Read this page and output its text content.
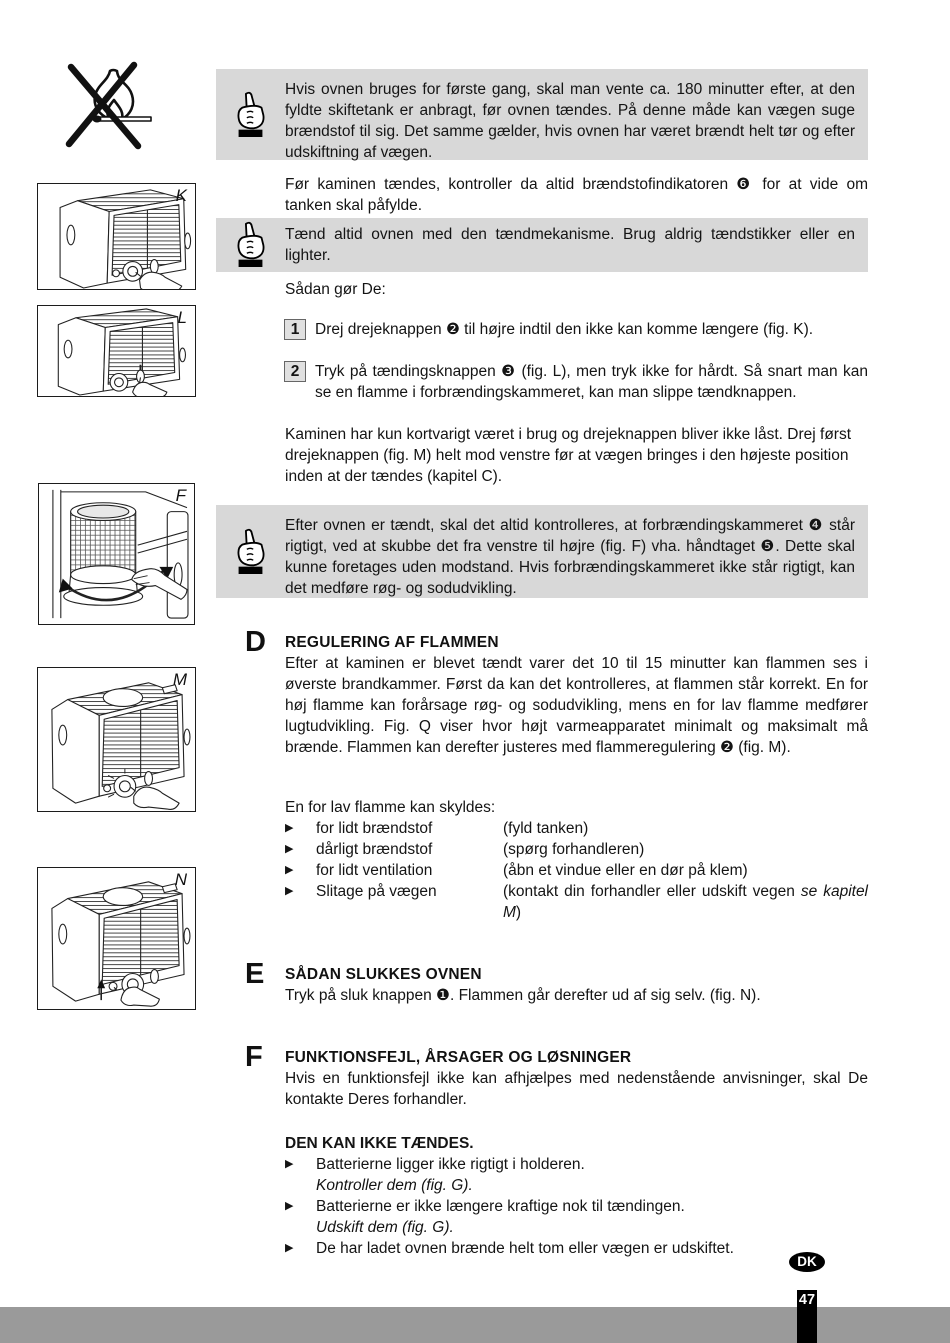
K
L
F
M
N
Hvis ovnen bruges for første gang, skal man vente ca. 180 minutter efter, at den fyldte skiftetank er anbragt, før ovnen tændes. På denne måde kan vægen suge brændstof til sig. Det samme gælder, hvis ovnen har været brændt helt tør og efter udskiftning af vægen.
Før kaminen tændes, kontroller da altid brændstofindikatoren ❻ for at vide om tanken skal påfylde.
Tænd altid ovnen med den tændmekanisme. Brug aldrig tændstikker eller en lighter.
Sådan gør De:
1	Drej drejeknappen ❷ til højre indtil den ikke kan komme længere (fig. K).
2	Tryk på tændingsknappen ❸ (fig. L), men tryk ikke for hårdt. Så snart man kan se en flamme i forbrændingskammeret, kan man slippe tændknappen.
Kaminen har kun kortvarigt været i brug og drejeknappen bliver ikke låst. Drej først drejeknappen (fig. M) helt mod venstre før at vægen bringes i den højeste position inden at der tændes (kapitel C).
Efter ovnen er tændt, skal det altid kontrolleres, at forbrændingskammeret ❹ står rigtigt, ved at skubbe det fra venstre til højre (fig. F) vha. håndtaget ❺. Dette skal kunne foretages uden modstand. Hvis forbrændingskammeret ikke står rigtigt, kan det medføre røg- og sodudvikling.
D REGULERING AF FLAMMEN
Efter at kaminen er blevet tændt varer det 10 til 15 minutter kan flammen ses i øverste brandkammer. Først da kan det kontrolleres, at flammen står korrekt. En for høj flamme kan forårsage røg- og sodudvikling, mens en for lav flamme medfører lugtudvikling. Fig. Q viser hvor højt varmeapparatet minimalt og maksimalt må brænde. Flammen kan derefter justeres med flammeregulering ❷ (fig. M).
En for lav flamme kan skyldes:
▶	for lidt brændstof	(fyld tanken)
▶	dårligt brændstof	(spørg forhandleren)
▶	for lidt ventilation	(åbn et vindue eller en dør på klem)
▶	Slitage på vægen	(kontakt din forhandler eller udskift vegen se kapitel M)
E SÅDAN SLUKKES OVNEN
Tryk på sluk knappen ❶. Flammen går derefter ud af sig selv. (fig. N).
F FUNKTIONSFEJL, ÅRSAGER OG LØSNINGER
Hvis en funktionsfejl ikke kan afhjælpes med nedenstående anvisninger, skal De kontakte Deres forhandler.
DEN KAN IKKE TÆNDES.
▶	Batterierne ligger ikke rigtigt i holderen.
Kontroller dem (fig. G).
▶	Batterierne er ikke længere kraftige nok til tændingen.
Udskift dem (fig. G).
▶	De har ladet ovnen brænde helt tom eller vægen er udskiftet.
DK
47
